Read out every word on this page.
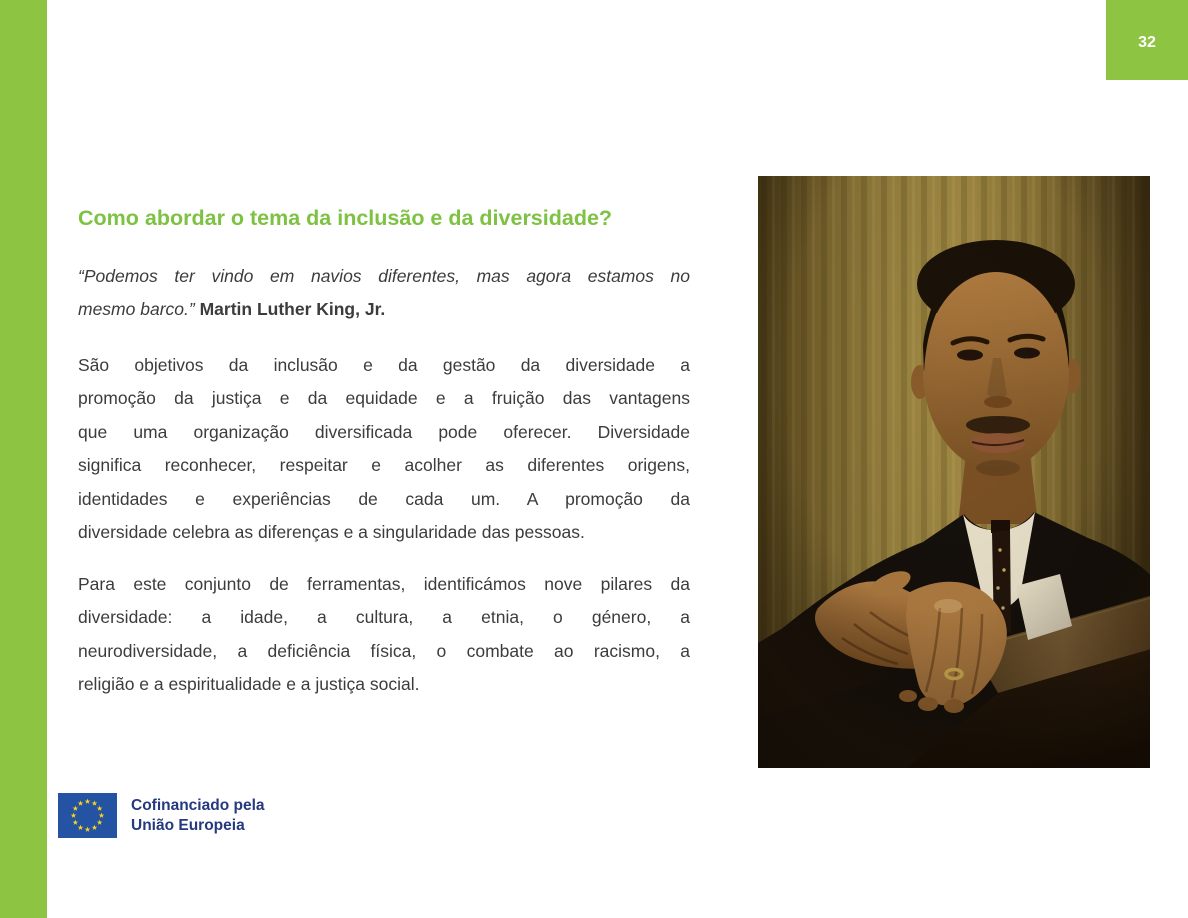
32
Como abordar o tema da inclusão e da diversidade?
“Podemos ter vindo em navios diferentes, mas agora estamos no
mesmo barco.” Martin Luther King, Jr.
São objetivos da inclusão e da gestão da diversidade a
promoção da justiça e da equidade e a fruição das vantagens
que uma organização diversificada pode oferecer. Diversidade
significa reconhecer, respeitar e acolher as diferentes origens,
identidades e experiências de cada um. A promoção da
diversidade celebra as diferenças e a singularidade das pessoas.
Para este conjunto de ferramentas, identificámos nove pilares da
diversidade: a idade, a cultura, a etnia, o género, a
neurodiversidade, a deficiência física, o combate ao racismo, a
religião e a espiritualidade e a justiça social.
Cofinanciado pela
União Europeia
